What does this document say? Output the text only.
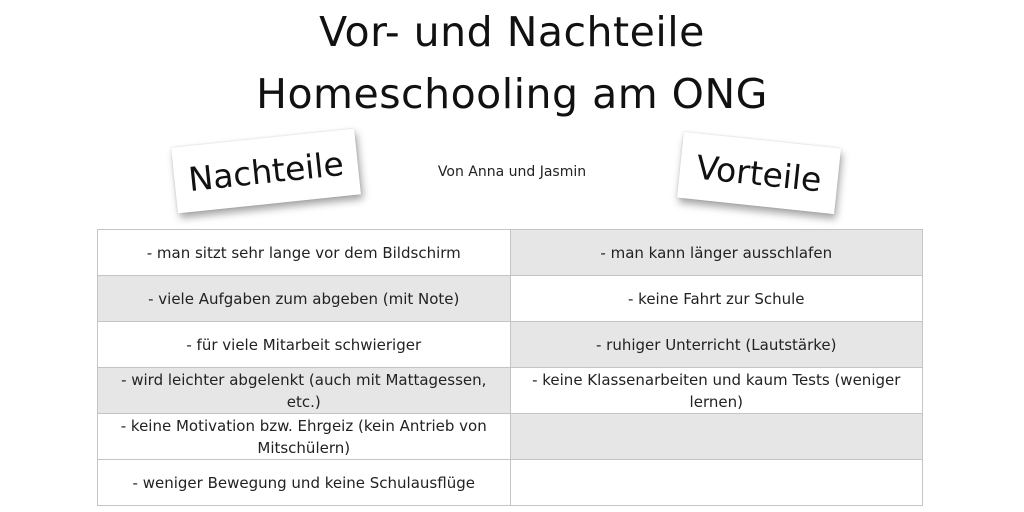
Vor- und Nachteile
Homeschooling am ONG
Nachteile	Von Anna und Jasmin	Vorteile
- man sitzt sehr lange vor dem Bildschirm	- man kann länger ausschlafen
- viele Aufgaben zum abgeben (mit Note)	- keine Fahrt zur Schule
- für viele Mitarbeit schwieriger	- ruhiger Unterricht (Lautstärke)
- wird leichter abgelenkt (auch mit Mattagessen, etc.)	- keine Klassenarbeiten und kaum Tests (weniger lernen)
- keine Motivation bzw. Ehrgeiz (kein Antrieb von Mitschülern)	
- weniger Bewegung und keine Schulausflüge	
